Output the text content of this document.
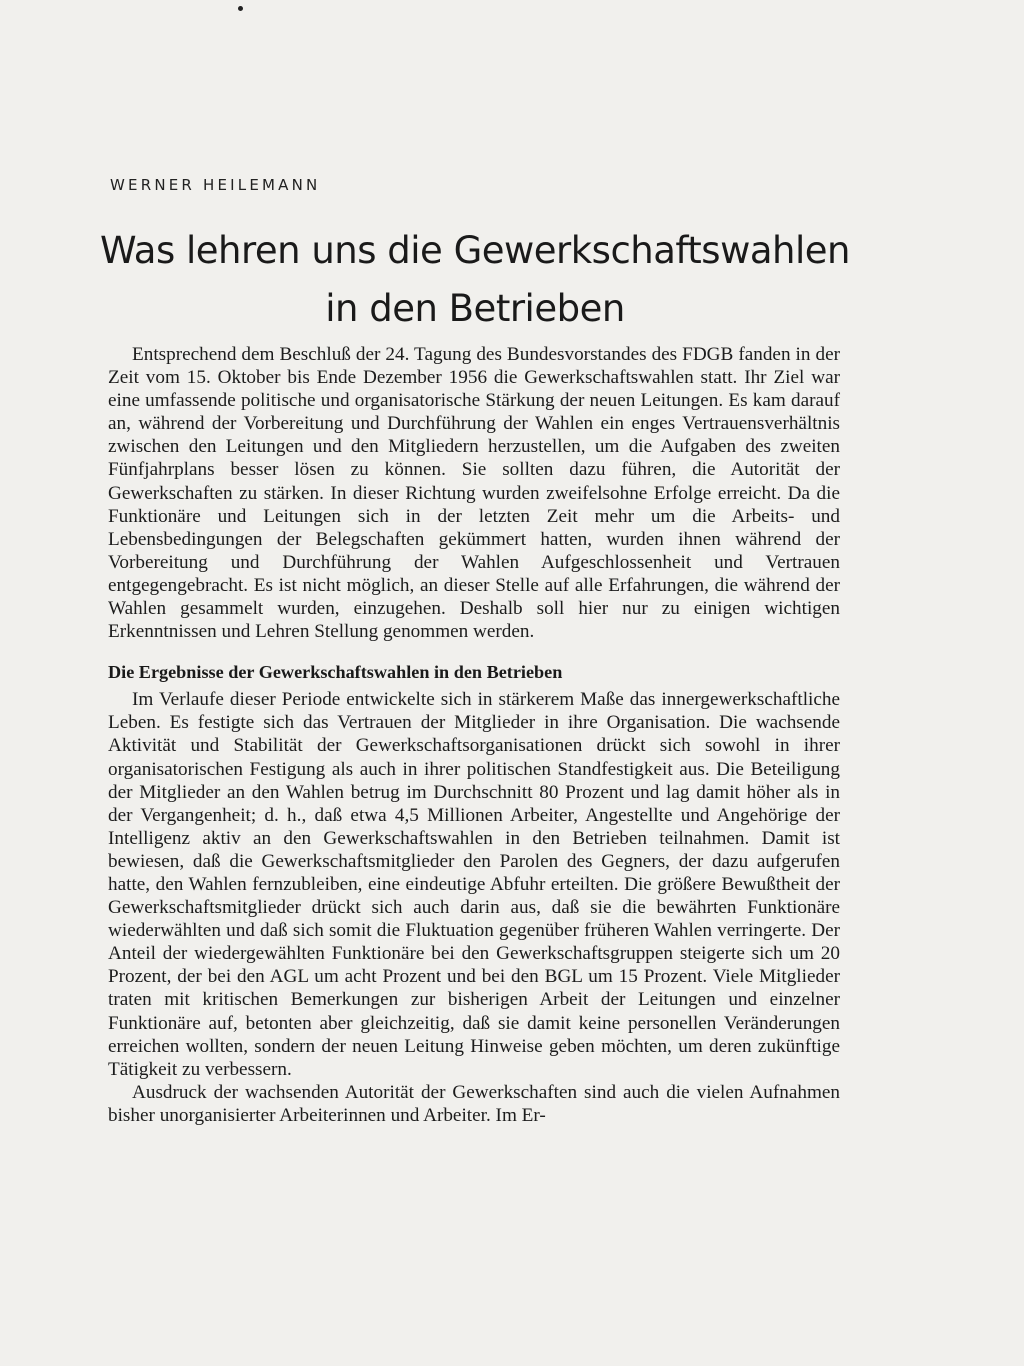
WERNER HEILEMANN
Was lehren uns die Gewerkschaftswahlen
in den Betrieben

Entsprechend dem Beschluß der 24. Tagung des Bundesvorstandes des FDGB fanden in der Zeit vom 15. Oktober bis Ende Dezember 1956 die Gewerkschaftswahlen statt. Ihr Ziel war eine umfassende politische und organisatorische Stärkung der neuen Leitungen. Es kam darauf an, während der Vorbereitung und Durchführung der Wahlen ein enges Vertrauensverhältnis zwischen den Leitungen und den Mitgliedern herzustellen, um die Aufgaben des zweiten Fünfjahrplans besser lösen zu können. Sie sollten dazu führen, die Autorität der Gewerkschaften zu stärken. In dieser Richtung wurden zweifelsohne Erfolge erreicht. Da die Funktionäre und Leitungen sich in der letzten Zeit mehr um die Arbeits- und Lebensbedingungen der Belegschaften gekümmert hatten, wurden ihnen während der Vorbereitung und Durchführung der Wahlen Aufgeschlossenheit und Vertrauen entgegengebracht. Es ist nicht möglich, an dieser Stelle auf alle Erfahrungen, die während der Wahlen gesammelt wurden, einzugehen. Deshalb soll hier nur zu einigen wichtigen Erkenntnissen und Lehren Stellung genommen werden.

Die Ergebnisse der Gewerkschaftswahlen in den Betrieben

Im Verlaufe dieser Periode entwickelte sich in stärkerem Maße das innergewerkschaftliche Leben. Es festigte sich das Vertrauen der Mitglieder in ihre Organisation. Die wachsende Aktivität und Stabilität der Gewerkschaftsorganisationen drückt sich sowohl in ihrer organisatorischen Festigung als auch in ihrer politischen Standfestigkeit aus. Die Beteiligung der Mitglieder an den Wahlen betrug im Durchschnitt 80 Prozent und lag damit höher als in der Vergangenheit; d. h., daß etwa 4,5 Millionen Arbeiter, Angestellte und Angehörige der Intelligenz aktiv an den Gewerkschaftswahlen in den Betrieben teilnahmen. Damit ist bewiesen, daß die Gewerkschaftsmitglieder den Parolen des Gegners, der dazu aufgerufen hatte, den Wahlen fernzubleiben, eine eindeutige Abfuhr erteilten. Die größere Bewußtheit der Gewerkschaftsmitglieder drückt sich auch darin aus, daß sie die bewährten Funktionäre wiederwählten und daß sich somit die Fluktuation gegenüber früheren Wahlen verringerte. Der Anteil der wiedergewählten Funktionäre bei den Gewerkschaftsgruppen steigerte sich um 20 Prozent, der bei den AGL um acht Prozent und bei den BGL um 15 Prozent. Viele Mitglieder traten mit kritischen Bemerkungen zur bisherigen Arbeit der Leitungen und einzelner Funktionäre auf, betonten aber gleichzeitig, daß sie damit keine personellen Veränderungen erreichen wollten, sondern der neuen Leitung Hinweise geben möchten, um deren zukünftige Tätigkeit zu verbessern.

Ausdruck der wachsenden Autorität der Gewerkschaften sind auch die vielen Aufnahmen bisher unorganisierter Arbeiterinnen und Arbeiter. Im Er-
